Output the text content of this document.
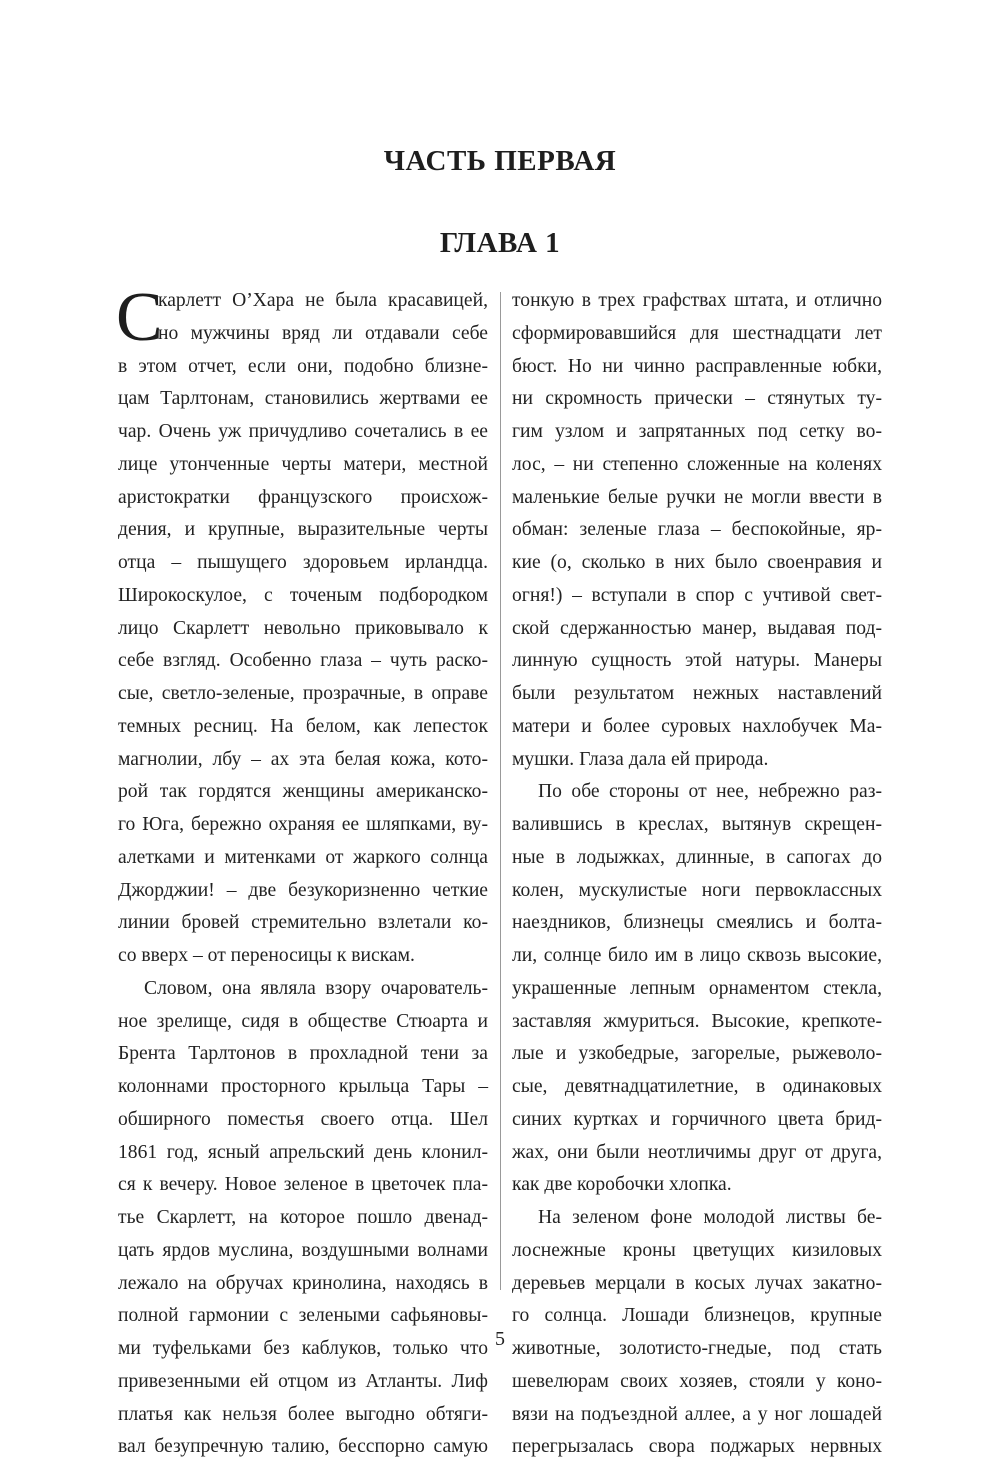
ЧАСТЬ ПЕРВАЯ
ГЛАВА 1
С
карлетт О’Хара не была красавицей,
но мужчины вряд ли отдавали себе
в этом отчет, если они, подобно близне-
цам Тарлтонам, становились жертвами ее
чар. Очень уж причудливо сочетались в ее
лице утонченные черты матери, местной
аристократки французского происхож-
дения, и крупные, выразительные черты
отца – пышущего здоровьем ирландца.
Широкоскулое, с точеным подбородком
лицо Скарлетт невольно приковывало к
себе взгляд. Особенно глаза – чуть раско-
сые, светло-зеленые, прозрачные, в оправе
темных ресниц. На белом, как лепесток
магнолии, лбу – ах эта белая кожа, кото-
рой так гордятся женщины американско-
го Юга, бережно охраняя ее шляпками, ву-
алетками и митенками от жаркого солнца
Джорджии! – две безукоризненно четкие
линии бровей стремительно взлетали ко-
со вверх – от переносицы к вискам.
Словом, она являла взору очарователь-
ное зрелище, сидя в обществе Стюарта и
Брента Тарлтонов в прохладной тени за
колоннами просторного крыльца Тары –
обширного поместья своего отца. Шел
1861 год, ясный апрельский день клонил-
ся к вечеру. Новое зеленое в цветочек пла-
тье Скарлетт, на которое пошло двенад-
цать ярдов муслина, воздушными волнами
лежало на обручах кринолина, находясь в
полной гармонии с зелеными сафьяновы-
ми туфельками без каблуков, только что
привезенными ей отцом из Атланты. Лиф
платья как нельзя более выгодно обтяги-
вал безупречную талию, бесспорно самую
тонкую в трех графствах штата, и отлично
сформировавшийся для шестнадцати лет
бюст. Но ни чинно расправленные юбки,
ни скромность прически – стянутых ту-
гим узлом и запрятанных под сетку во-
лос, – ни степенно сложенные на коленях
маленькие белые ручки не могли ввести в
обман: зеленые глаза – беспокойные, яр-
кие (о, сколько в них было своенравия и
огня!) – вступали в спор с учтивой свет-
ской сдержанностью манер, выдавая под-
линную сущность этой натуры. Манеры
были результатом нежных наставлений
матери и более суровых нахлобучек Ма-
мушки. Глаза дала ей природа.
По обе стороны от нее, небрежно раз-
валившись в креслах, вытянув скрещен-
ные в лодыжках, длинные, в сапогах до
колен, мускулистые ноги первоклассных
наездников, близнецы смеялись и болта-
ли, солнце било им в лицо сквозь высокие,
украшенные лепным орнаментом стекла,
заставляя жмуриться. Высокие, крепкоте-
лые и узкобедрые, загорелые, рыжеволо-
сые, девятнадцатилетние, в одинаковых
синих куртках и горчичного цвета брид-
жах, они были неотличимы друг от друга,
как две коробочки хлопка.
На зеленом фоне молодой листвы бе-
лоснежные кроны цветущих кизиловых
деревьев мерцали в косых лучах закатно-
го солнца. Лошади близнецов, крупные
животные, золотисто-гнедые, под стать
шевелюрам своих хозяев, стояли у коно-
вязи на подъездной аллее, а у ног лошадей
перегрызалась свора поджарых нервных
5
